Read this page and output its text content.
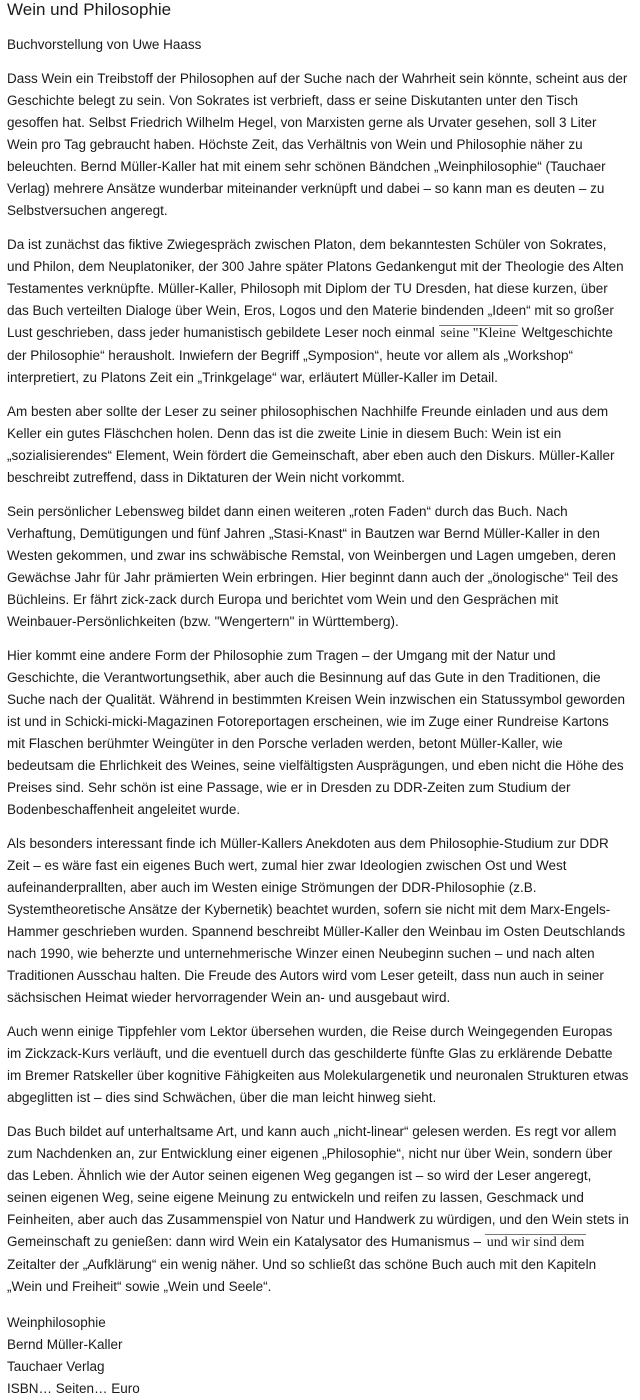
Wein und Philosophie

Buchvorstellung von Uwe Haass

Dass Wein ein Treibstoff der Philosophen auf der Suche nach der Wahrheit sein könnte, scheint aus der Geschichte belegt zu sein. Von Sokrates ist verbrieft, dass er seine Diskutanten unter den Tisch gesoffen hat. Selbst Friedrich Wilhelm Hegel, von Marxisten gerne als Urvater gesehen, soll 3 Liter Wein pro Tag gebraucht haben. Höchste Zeit, das Verhältnis von Wein und Philosophie näher zu beleuchten. Bernd Müller-Kaller hat mit einem sehr schönen Bändchen „Weinphilosophie“ (Tauchaer Verlag) mehrere Ansätze wunderbar miteinander verknüpft und dabei – so kann man es deuten – zu Selbstversuchen angeregt.

Da ist zunächst das fiktive Zwiegespräch zwischen Platon, dem bekanntesten Schüler von Sokrates, und Philon, dem Neuplatoniker, der 300 Jahre später Platons Gedankengut mit der Theologie des Alten Testamentes verknüpfte. Müller-Kaller, Philosoph mit Diplom der TU Dresden, hat diese kurzen, über das Buch verteilten Dialoge über Wein, Eros, Logos und den Materie bindenden „Ideen“ mit so großer Lust geschrieben, dass jeder humanistisch gebildete Leser noch einmal seine "Kleine Weltgeschichte der Philosophie“ herausholt. Inwiefern der Begriff „Symposion“, heute vor allem als „Workshop“ interpretiert, zu Platons Zeit ein „Trinkgelage“ war, erläutert Müller-Kaller im Detail.

Am besten aber sollte der Leser zu seiner philosophischen Nachhilfe Freunde einladen und aus dem Keller ein gutes Fläschchen holen. Denn das ist die zweite Linie in diesem Buch: Wein ist ein „sozialisierendes“ Element, Wein fördert die Gemeinschaft, aber eben auch den Diskurs. Müller-Kaller beschreibt zutreffend, dass in Diktaturen der Wein nicht vorkommt.

Sein persönlicher Lebensweg bildet dann einen weiteren „roten Faden“ durch das Buch. Nach Verhaftung, Demütigungen und fünf Jahren „Stasi-Knast“ in Bautzen war Bernd Müller-Kaller in den Westen gekommen, und zwar ins schwäbische Remstal, von Weinbergen und Lagen umgeben, deren Gewächse Jahr für Jahr prämierten Wein erbringen. Hier beginnt dann auch der „önologische“ Teil des Büchleins. Er fährt zick-zack durch Europa und berichtet vom Wein und den Gesprächen mit Weinbauer-Persönlichkeiten (bzw. "Wengertern" in Württemberg).

Hier kommt eine andere Form der Philosophie zum Tragen – der Umgang mit der Natur und Geschichte, die Verantwortungsethik, aber auch die Besinnung auf das Gute in den Traditionen, die Suche nach der Qualität. Während in bestimmten Kreisen Wein inzwischen ein Statussymbol geworden ist und in Schicki-micki-Magazinen Fotoreportagen erscheinen, wie im Zuge einer Rundreise Kartons mit Flaschen berühmter Weingüter in den Porsche verladen werden, betont Müller-Kaller, wie bedeutsam die Ehrlichkeit des Weines, seine vielfältigsten Ausprägungen, und eben nicht die Höhe des Preises sind. Sehr schön ist eine Passage, wie er in Dresden zu DDR-Zeiten zum Studium der Bodenbeschaffenheit angeleitet wurde.

Als besonders interessant finde ich Müller-Kallers Anekdoten aus dem Philosophie-Studium zur DDR Zeit – es wäre fast ein eigenes Buch wert, zumal hier zwar Ideologien zwischen Ost und West aufeinanderprallten, aber auch im Westen einige Strömungen der DDR-Philosophie (z.B. Systemtheoretische Ansätze der Kybernetik) beachtet wurden, sofern sie nicht mit dem Marx-Engels-Hammer geschrieben wurden. Spannend beschreibt Müller-Kaller den Weinbau im Osten Deutschlands nach 1990, wie beherzte und unternehmerische Winzer einen Neubeginn suchen – und nach alten Traditionen Ausschau halten. Die Freude des Autors wird vom Leser geteilt, dass nun auch in seiner sächsischen Heimat wieder hervorragender Wein an- und ausgebaut wird.

Auch wenn einige Tippfehler vom Lektor übersehen wurden, die Reise durch Weingegenden Europas im Zickzack-Kurs verläuft, und die eventuell durch das geschilderte fünfte Glas zu erklärende Debatte im Bremer Ratskeller über kognitive Fähigkeiten aus Molekulargenetik und neuronalen Strukturen etwas abgeglitten ist – dies sind Schwächen, über die man leicht hinweg sieht.

Das Buch bildet auf unterhaltsame Art, und kann auch „nicht-linear“ gelesen werden. Es regt vor allem zum Nachdenken an, zur Entwicklung einer eigenen „Philosophie“, nicht nur über Wein, sondern über das Leben. Ähnlich wie der Autor seinen eigenen Weg gegangen ist – so wird der Leser angeregt, seinen eigenen Weg, seine eigene Meinung zu entwickeln und reifen zu lassen, Geschmack und Feinheiten, aber auch das Zusammenspiel von Natur und Handwerk zu würdigen, und den Wein stets in Gemeinschaft zu genießen: dann wird Wein ein Katalysator des Humanismus – und wir sind dem Zeitalter der „Aufklärung“ ein wenig näher. Und so schließt das schöne Buch auch mit den Kapiteln „Wein und Freiheit“ sowie „Wein und Seele“.

Weinphilosophie
Bernd Müller-Kaller
Tauchaer Verlag
ISBN… Seiten… Euro
